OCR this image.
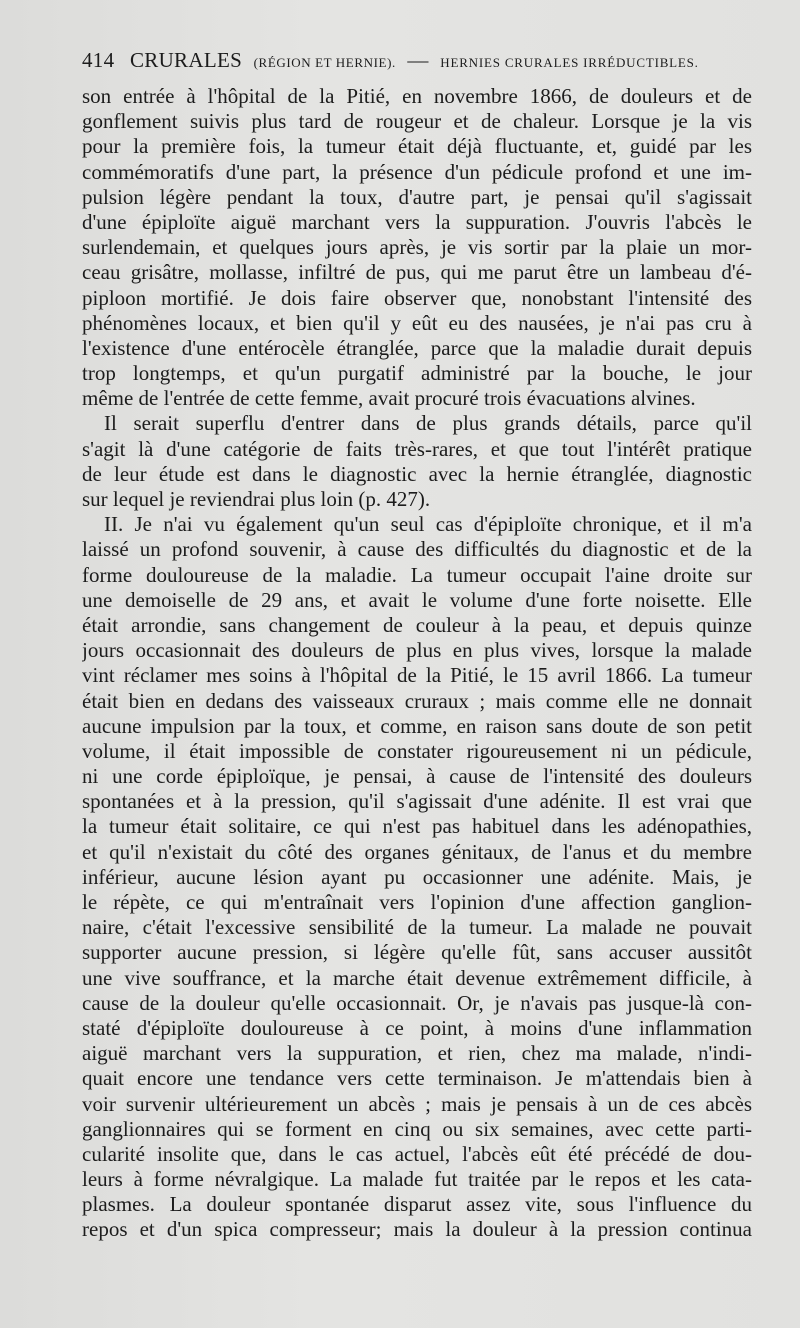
414 CRURALES (RÉGION ET HERNIE). — HERNIES CRURALES IRRÉDUCTIBLES.
son entrée à l'hôpital de la Pitié, en novembre 1866, de douleurs et de
gonflement suivis plus tard de rougeur et de chaleur. Lorsque je la vis
pour la première fois, la tumeur était déjà fluctuante, et, guidé par les
commémoratifs d'une part, la présence d'un pédicule profond et une im-
pulsion légère pendant la toux, d'autre part, je pensai qu'il s'agissait
d'une épiploïte aiguë marchant vers la suppuration. J'ouvris l'abcès le
surlendemain, et quelques jours après, je vis sortir par la plaie un mor-
ceau grisâtre, mollasse, infiltré de pus, qui me parut être un lambeau d'é-
piploon mortifié. Je dois faire observer que, nonobstant l'intensité des
phénomènes locaux, et bien qu'il y eût eu des nausées, je n'ai pas cru à
l'existence d'une entérocèle étranglée, parce que la maladie durait depuis
trop longtemps, et qu'un purgatif administré par la bouche, le jour
même de l'entrée de cette femme, avait procuré trois évacuations alvines.
Il serait superflu d'entrer dans de plus grands détails, parce qu'il
s'agit là d'une catégorie de faits très-rares, et que tout l'intérêt pratique
de leur étude est dans le diagnostic avec la hernie étranglée, diagnostic
sur lequel je reviendrai plus loin (p. 427).
II. Je n'ai vu également qu'un seul cas d'épiploïte chronique, et il m'a
laissé un profond souvenir, à cause des difficultés du diagnostic et de la
forme douloureuse de la maladie. La tumeur occupait l'aine droite sur
une demoiselle de 29 ans, et avait le volume d'une forte noisette. Elle
était arrondie, sans changement de couleur à la peau, et depuis quinze
jours occasionnait des douleurs de plus en plus vives, lorsque la malade
vint réclamer mes soins à l'hôpital de la Pitié, le 15 avril 1866. La tumeur
était bien en dedans des vaisseaux cruraux ; mais comme elle ne donnait
aucune impulsion par la toux, et comme, en raison sans doute de son petit
volume, il était impossible de constater rigoureusement ni un pédicule,
ni une corde épiploïque, je pensai, à cause de l'intensité des douleurs
spontanées et à la pression, qu'il s'agissait d'une adénite. Il est vrai que
la tumeur était solitaire, ce qui n'est pas habituel dans les adénopathies,
et qu'il n'existait du côté des organes génitaux, de l'anus et du membre
inférieur, aucune lésion ayant pu occasionner une adénite. Mais, je
le répète, ce qui m'entraînait vers l'opinion d'une affection ganglion-
naire, c'était l'excessive sensibilité de la tumeur. La malade ne pouvait
supporter aucune pression, si légère qu'elle fût, sans accuser aussitôt
une vive souffrance, et la marche était devenue extrêmement difficile, à
cause de la douleur qu'elle occasionnait. Or, je n'avais pas jusque-là con-
staté d'épiploïte douloureuse à ce point, à moins d'une inflammation
aiguë marchant vers la suppuration, et rien, chez ma malade, n'indi-
quait encore une tendance vers cette terminaison. Je m'attendais bien à
voir survenir ultérieurement un abcès ; mais je pensais à un de ces abcès
ganglionnaires qui se forment en cinq ou six semaines, avec cette parti-
cularité insolite que, dans le cas actuel, l'abcès eût été précédé de dou-
leurs à forme névralgique. La malade fut traitée par le repos et les cata-
plasmes. La douleur spontanée disparut assez vite, sous l'influence du
repos et d'un spica compresseur; mais la douleur à la pression continua
